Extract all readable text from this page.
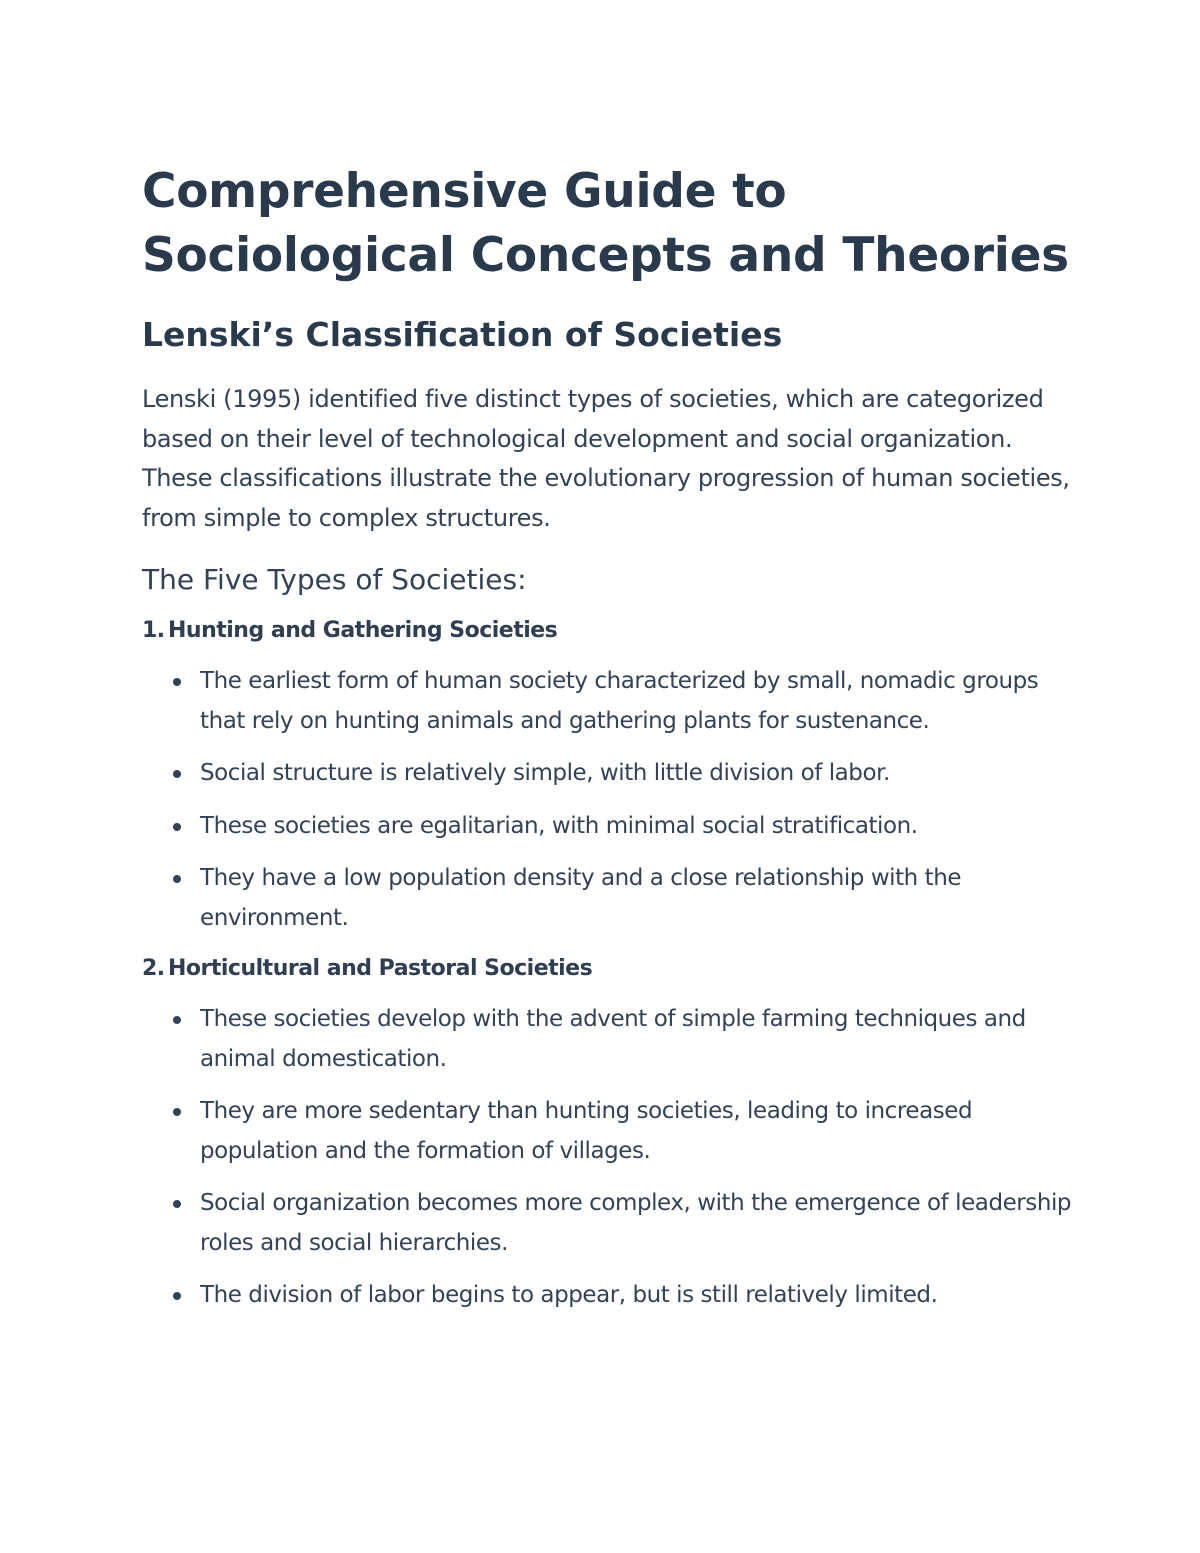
Comprehensive Guide to Sociological Concepts and Theories
Lenski’s Classification of Societies

Lenski (1995) identified five distinct types of societies, which are categorized based on their level of technological development and social organization. These classifications illustrate the evolutionary progression of human societies, from simple to complex structures.

The Five Types of Societies:
1. Hunting and Gathering Societies
The earliest form of human society characterized by small, nomadic groups that rely on hunting animals and gathering plants for sustenance.
Social structure is relatively simple, with little division of labor.
These societies are egalitarian, with minimal social stratification.
They have a low population density and a close relationship with the environment.
2. Horticultural and Pastoral Societies
These societies develop with the advent of simple farming techniques and animal domestication.
They are more sedentary than hunting societies, leading to increased population and the formation of villages.
Social organization becomes more complex, with the emergence of leadership roles and social hierarchies.
The division of labor begins to appear, but is still relatively limited.
